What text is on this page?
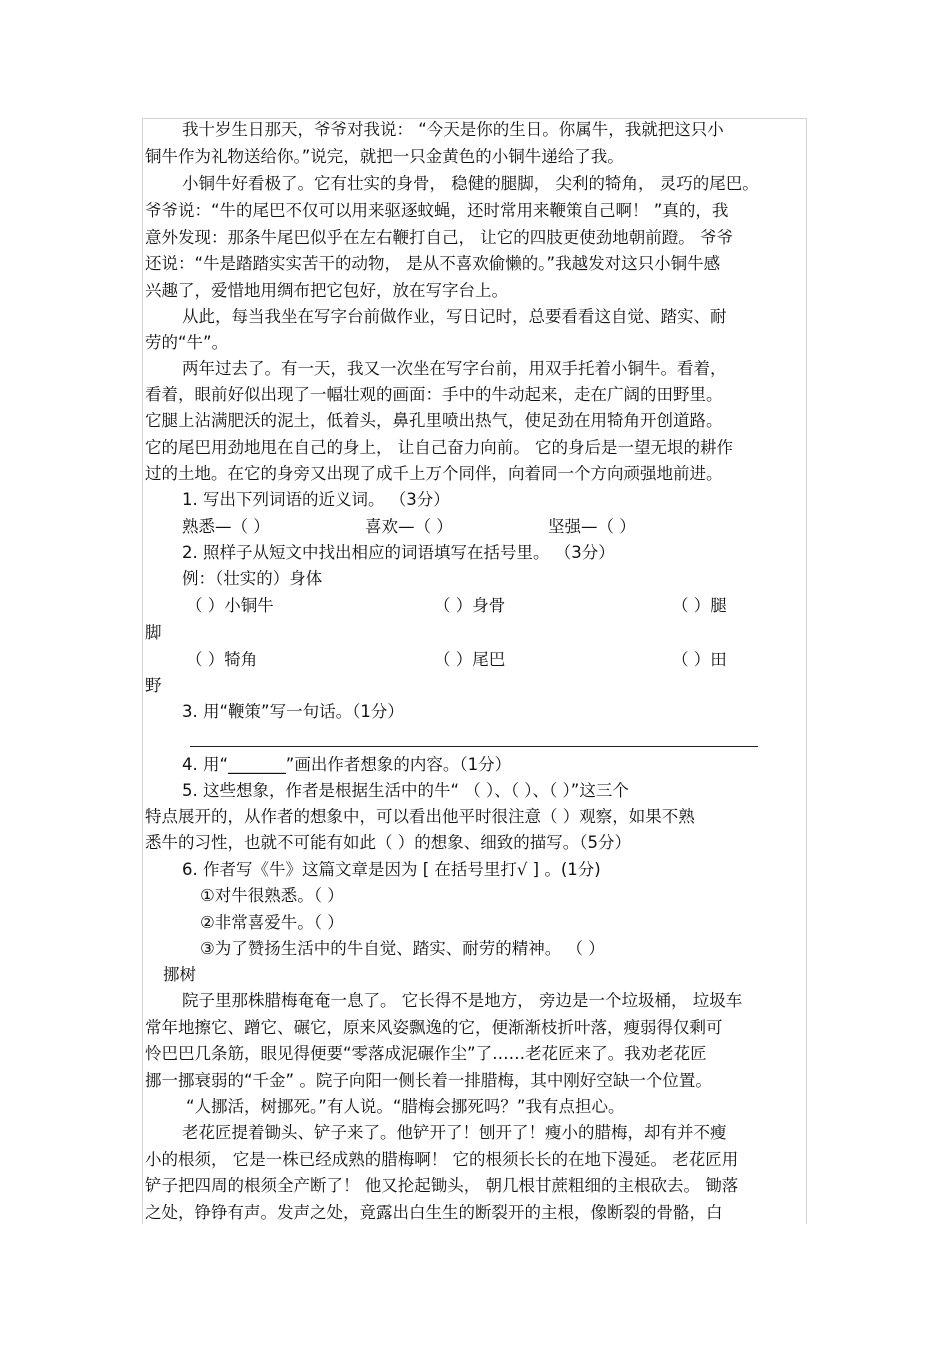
我十岁生日那天，爷爷对我说： “今天是你的生日。你属牛，我就把这只小
铜牛作为礼物送给你。”说完，就把一只金黄色的小铜牛递给了我。
小铜牛好看极了。它有壮实的身骨， 稳健的腿脚， 尖利的犄角， 灵巧的尾巴。
爷爷说：“牛的尾巴不仅可以用来驱逐蚊蝇，还时常用来鞭策自己啊！ ”真的，我
意外发现：那条牛尾巴似乎在左右鞭打自己， 让它的四肢更使劲地朝前蹬。 爷爷
还说：“牛是踏踏实实苦干的动物， 是从不喜欢偷懒的。”我越发对这只小铜牛感
兴趣了，爱惜地用绸布把它包好，放在写字台上。
从此，每当我坐在写字台前做作业，写日记时，总要看看这自觉、踏实、耐
劳的“牛”。
两年过去了。有一天，我又一次坐在写字台前，用双手托着小铜牛。看着，
看着，眼前好似出现了一幅壮观的画面：手中的牛动起来，走在广阔的田野里。
它腿上沾满肥沃的泥土，低着头，鼻孔里喷出热气，使足劲在用犄角开创道路。
它的尾巴用劲地甩在自己的身上， 让自己奋力向前。 它的身后是一望无垠的耕作
过的土地。在它的身旁又出现了成千上万个同伴，向着同一个方向顽强地前进。
1. 写出下列词语的近义词。 （3分）
熟悉—（ ）	喜欢—（ ）	坚强—（ ）
2. 照样子从短文中找出相应的词语填写在括号里。 （3分）
例：（壮实的）身体
（ ）小铜牛	（ ）身骨	（ ）腿
脚
（ ）犄角	（ ）尾巴	（ ）田
野
3. 用“鞭策”写一句话。（1分）
4. 用“_______”画出作者想象的内容。（1分）
5. 这些想象，作者是根据生活中的牛“ （ ）、（ ）、（ ）”这三个
特点展开的，从作者的想象中，可以看出他平时很注意（ ）观察，如果不熟
悉牛的习性，也就不可能有如此（ ）的想象、细致的描写。（5分）
6. 作者写《牛》这篇文章是因为 [ 在括号里打√ ] 。(1分)
①对牛很熟悉。（ ）
②非常喜爱牛。（ ）
③为了赞扬生活中的牛自觉、踏实、耐劳的精神。 （ ）
挪树
院子里那株腊梅奄奄一息了。 它长得不是地方， 旁边是一个垃圾桶， 垃圾车
常年地擦它、蹭它、碾它，原来风姿飘逸的它，便渐渐枝折叶落，瘦弱得仅剩可
怜巴巴几条筋，眼见得便要“零落成泥碾作尘”了……老花匠来了。我劝老花匠
挪一挪衰弱的“千金” 。院子向阳一侧长着一排腊梅，其中刚好空缺一个位置。
“人挪活，树挪死。”有人说。“腊梅会挪死吗？”我有点担心。
老花匠提着锄头、铲子来了。他铲开了！刨开了！瘦小的腊梅，却有并不瘦
小的根须， 它是一株已经成熟的腊梅啊！ 它的根须长长的在地下漫延。 老花匠用
铲子把四周的根须全产断了！ 他又抡起锄头， 朝几根甘蔗粗细的主根砍去。 锄落
之处，铮铮有声。发声之处，竟露出白生生的断裂开的主根，像断裂的骨骼，白
